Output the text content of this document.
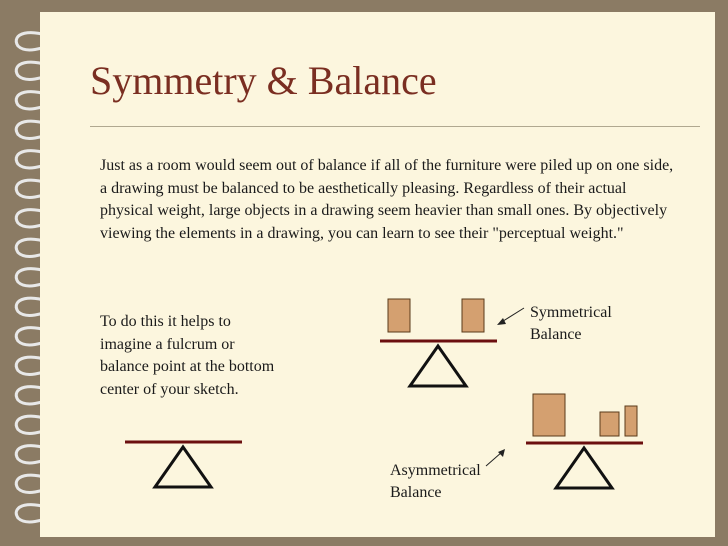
Symmetry & Balance

Just as a room would seem out of balance if all of the furniture were piled up on one side, a drawing must be balanced to be aesthetically pleasing. Regardless of their actual physical weight, large objects in a drawing seem heavier than small ones. By objectively viewing the elements in a drawing, you can learn to see their "perceptual weight."

To do this it helps to imagine a fulcrum or balance point at the bottom center of your sketch.

Symmetrical
Balance
Asymmetrical
Balance
